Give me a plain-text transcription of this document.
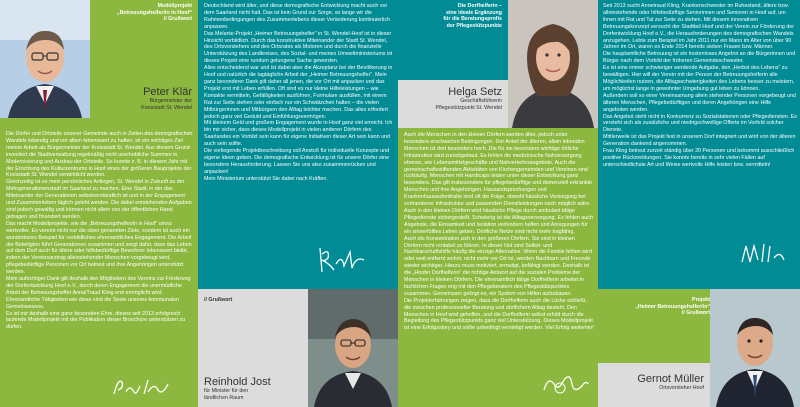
Modellprojekt
„Betreuungshelfer/in in Hoof“
// Grußwort
Peter Klär
Bürgermeister der
Kreisstadt St. Wendel

Die Dörfer und Ortsteile unserer Gemeinde auch in Zeiten des demografischen Wandels lebendig und vor allem lebenswert zu halten, ist ein wichtiges Ziel meiner Arbeit als Bürgermeister der Kreisstadt St. Wendel. Aus diesem Grund investiert die Stadtverwaltung regelmäßig nicht unerhebliche Summen in Modernisierung und Ausbau der Ortsteile. So konnte z. B. in diesem Jahr mit der Errichtung des Kulturzentrums in Hoof eines der größeren Bauprojekte der Kreisstadt St. Wendel verwirklicht werden.

Gleichzeitig ist es mein persönliches Anliegen, St. Wendel in Zukunft zu der Mehrgenerationenstadt im Saarland zu machen. Eine Stadt, in der das Miteinander der Generationen selbstverständlich ist und in der Engagement und Zusammenleben täglich gelebt werden. Die dabei entstehenden Aufgaben sind jedoch gewaltig und können nicht allein von der öffentlichen Hand getragen und finanziert werden.

Das macht Modellprojekte, wie die „Betreuungshelfer/in in Hoof“ umso wertvoller. Es vereint nicht nur die oben genannten Ziele, sondern ist auch ein wunderbares Beispiel für vorbildliches ehrenamtliches Engagement. Die Arbeit der Beteiligten führt Generationen zusammen und sorgt dafür, dass das Leben auf dem Dorf auch für ältere oder hilfsbedürftige Bewohner lebenswert bleibt, indem der Vereinsarztrag alleinstehender Menschen vorgebeugt wird, pflegebedürftige Personen vor Ort betreut und ihre Angehörigen unterstützt werden.

Mein aufrichtiger Dank gilt deshalb den Mitgliedern des Vereins zur Förderung der Dorfentwicklung Hoof e.V., durch deren Engagement die unermüdliche Arbeit der Betreuungshelfer Anna/Traud Kling erst ermöglicht wird. Ehrenamtliche Tätigkeiten wie diese sind die Seele unseres kommunalen Gemeinwesens.

Es ist mir deshalb eine ganz besondere Ehre, dieses seit 2013 erfolgreich laufende Modellprojekt mit der Publikation dieser Broschüre unterstützen zu dürfen.

Deutschland wird älter, und diese demografische Entwicklung macht auch vor dem Saarland nicht halt. Das ist kein Grund zur Sorge, so lange wir die Rahmenbedingungen des Zusammenlebens dieser Veränderung kontinuierlich anpassen.

Das Melanie-Projekt „Heimer Betreuungshelfer“ in St. Wendel-Hoof ist in dieser Hinsicht vorbildlich. Durch das konstruktive Miteinander der Stadt St. Wendel, des Ortsvorstehers und des Ortsrates als Motoren und durch die finanzielle Unterstützung des Landkreises, des Sozial- und meines Umweltministeriums ist dieses Projekt eine rundum gelungene Sache geworden.

Alles entscheidend war und ist dabei aber die Akzeptanz bei der Bevölkerung in Hoof und natürlich die tagtägliche Arbeit der „Heimer Betreuungshelfer“. Mein ganz besonderer Dank gilt daher all jenen, die vor Ort mit anpacken und das Projekt erst mit Leben erfüllen. Oft sind es nur kleine Hilfeleistungen – wie Kontakte vermitteln, Gefälligkeiten ausführen, Formulare ausfüllen, mit einem Rat zur Seite stehen oder einfach nur ein Schwätzchen halten – die vielen Mitbürgerinnen und Mitbürgern den Alltag leichter machen. Das alles erfordert jedoch ganz viel Geduld und Einfühlungsvermögen.

Mit kleinem Geld und großem Engagement wurde in Hoof ganz viel erreicht. Ich bin mir sicher, dass dieses Modellprojekt in vielen anderen Dörfern des Saarlandes ein Vorbild sein kann für eigene Initiativen dieser Art sein kann und auch sein sollte.

Die vorliegende Projektbeschreibung soll Anstoß für individuelle Konzepte und eigene Ideen geben. Die demografische Entwicklung ist für unsere Dörfer eine besondere Herausforderung. Lassen Sie uns also zusammenrücken und anpacken!

Mein Ministerium unterstützt Sie dabei nach Kräften.

// Grußwort
Reinhold Jost
für Minister für den
ländlichen Raum
Die Dorfhelferin –
eine ideale Ergänzung
für die Beratungsprofis
der Pflegestützpunkte
Helga Setz
Geschäftsführerin
Pflegestützpunkt St. Wendel

Auch die Menschen in den kleinen Dörfern werden älter, jedoch unter besonders erschwerten Bedingungen. Der Anteil der älteren, allein lebenden Menschen ist dort besonders hoch. Die für sie besonders wichtige örtliche Infrastruktur wird zurückgebaut. Es fehlen die medizinische Nahversorgung ebenso, wie Lebensmittelgeschäfte und Nahverkehrsangebote. Auch die gemeinschaftsstiftenden Aktivitäten von Kirchengemeinden und Vereinen sind rückläufig. Menschen mit Handicaps leiden unter dieser Entwicklung ganz besonders. Das gilt insbesondere für pflegebedürftige und demenziell erkrankte Menschen und ihre Angehörigen. Hausarztsprechungen und Krankenhausaufenthalte sind oft die Folge, obwohl häusliche Versorgung bei vorhandener Infrastruktur und passenden Dienstleistungen noch möglich wäre. Auch in den kleinen Dörfern wird häusliche Pflege durch ambulant tätige Pflegedienste sichergestellt. Schwierig ist die Alltagsversorgung. Es fehlen auch Angebote, die Einsamkeit und Isolation verhindern helfen und Anregungen für ein sinnerfülltes Leben geben. Dörfliche Netze sind nicht mehr tragfähig.

Auch die Konzentration sich in den größeren Dörfern. Sie sind in kleinen Dörfern nicht rentabel zu führen. In dieser Not sind Selbst- und Nachbarschaftshilfe häufig die einzige Alternative. Wenn die Familie fehlen wird oder weit entfernt wohnt, nicht mehr vor Ort ist, werden Nachbarn und Freunde wieder wichtiger. Hierzu muss motiviert, ermutigt, befähigt werden. Deshalb ist die „Hoofer Dorfhelferin“ die richtige Antwort auf die sozialen Probleme der Menschen in kleinen Dörfern. Die ehrenamtlich tätige Dorfhelferin arbeitet in fachlichen Fragen eng mit den Pflegeberatern des Pflegestützpunktes zusammen. Gemeinsam gelingt es, ein System von Hilfen aufzubauen.

Die Projekterfahrungen zeigen, dass die Dorfhelferin auch die Lücke schließt, die zwischen professioneller Beratung und dörflichem Alltag besteht. Den Menschen in Hoof wird geholfen, und die Dorfhelferin selbst erhält durch die Begleitung des Pflegestützpunkts ganz viel Unterstützung. Dieses Modellprojekt ist eine Erfolgsstory und sollte unbedingt verstetigt werden. Viel Erfolg weiterhin!

Seit 2013 sucht Annetraud Kling, Krankenschwester im Ruhestand, ältere bzw. alleinstehende oder hilfebedürftige Seniorinnen und Senioren in Hoof auf, um ihnen mit Rat und Tat zur Seite zu stehen. Mit diesem innovativen Betreuungskonzept versucht der Stadtteil Hoof und der Verein zur Förderung der Dorfentwicklung Hoof e.V., die Herausforderungen des demografischen Wandels anzugehen. Lebte zum Beispiel im Jahr 2011 nur ein Mann im Alter von über 90 Jahren im Ort, waren es Ende 2014 bereits sieben Frauen bzw. Männer.

Die hauptamtliche Betreuung ist ein kostenloses Angebot an die Bürgerinnen und Bürger nach dem Vorbild der früheren Gemeindeschwester.

Es ist eine immer schwieriger werdende Aufgabe, den „Herbst des Lebens“ zu bewältigen. Hier will der Verein mit der Person der Betreuungshelferin alle Möglichkeiten nutzen, die Alltagsschwierigkeiten des Lebens besser zu meistern, um möglichst lange in gewohnter Umgebung gut leben zu können.

Außerdem soll so einer Vereinsamung allein stehender Personen vorgebeugt und älteren Menschen, Pflegebedürftigen und deren Angehörigen eine Hilfe angeboten werden.

Das Angebot steht nicht in Konkurrenz zu Sozialstationen oder Pflegediensten. Es versteht sich als zusätzliche und niedrigschwellige Offerte im Vorfeld solcher Dienste.

Mittlerweile ist das Projekt fest in unserem Dorf integriert und wird von der älteren Generation dankend angenommen.

Frau Kling betreut zurzeit ständig über 20 Personen und bekommt ausschließlich positive Rückmeldungen. Sie konnte bereits in sehr vielen Fällen auf unterschiedlichste Art und Weise wertvolle Hilfe leisten bzw. vermitteln!

Projekt
„Heimer Betreuungshelfer/in“
// Grußwort
Gernot Müller
Ortsvorsteher Hoof
